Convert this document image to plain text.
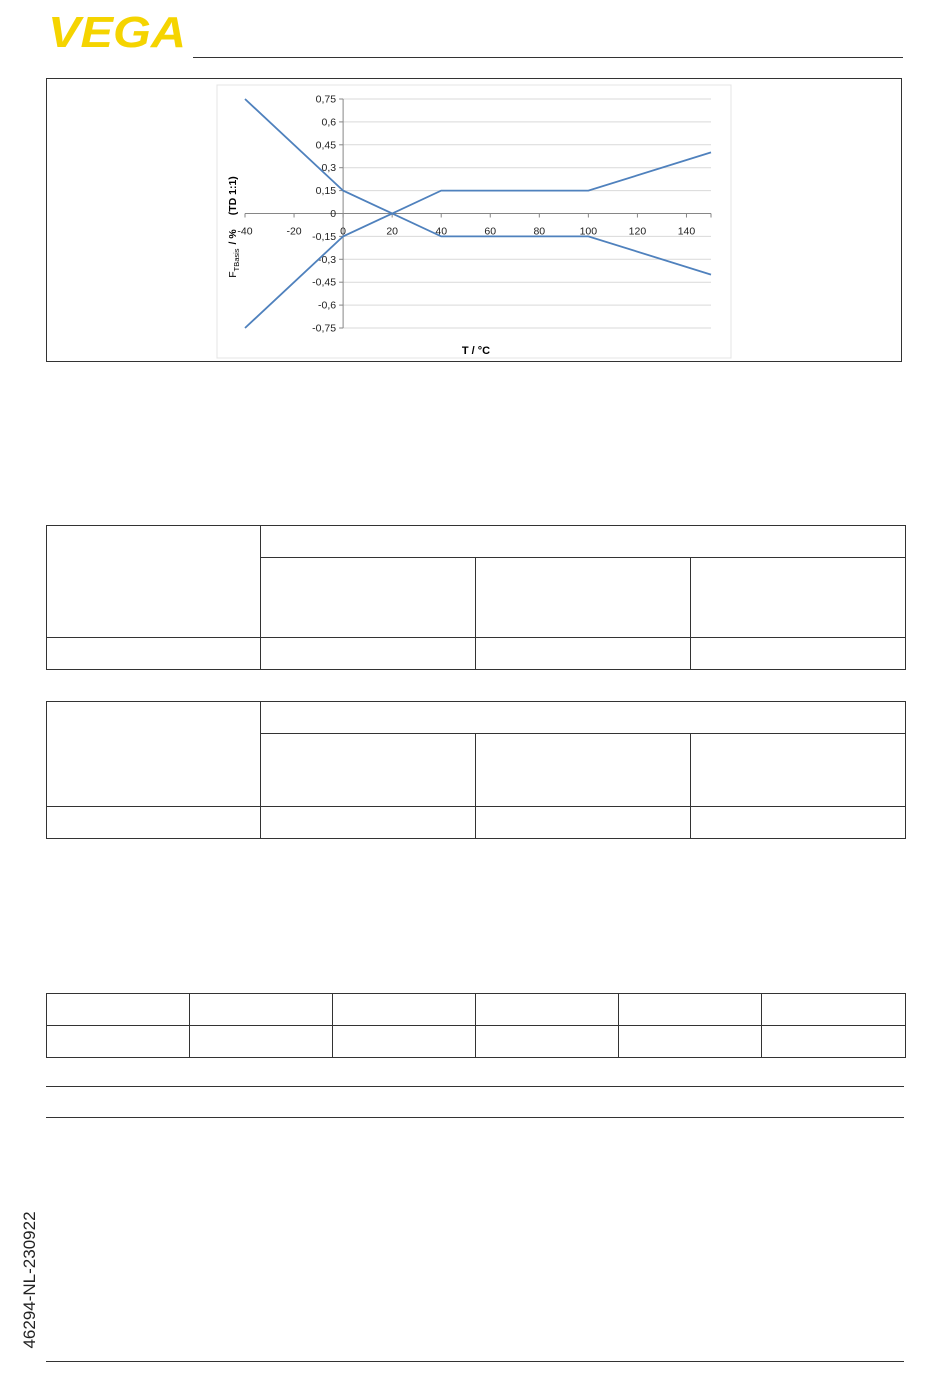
VEGA
0,75
0,6
0,45
0,3
0,15
0
-0,15
-0,3
-0,45
-0,6
-0,75
-40	-20	0	20	40	60	80	100	120	140
T / °C
$F_{TBasis}/$ %(TD 1:1)

46294-NL-230922
